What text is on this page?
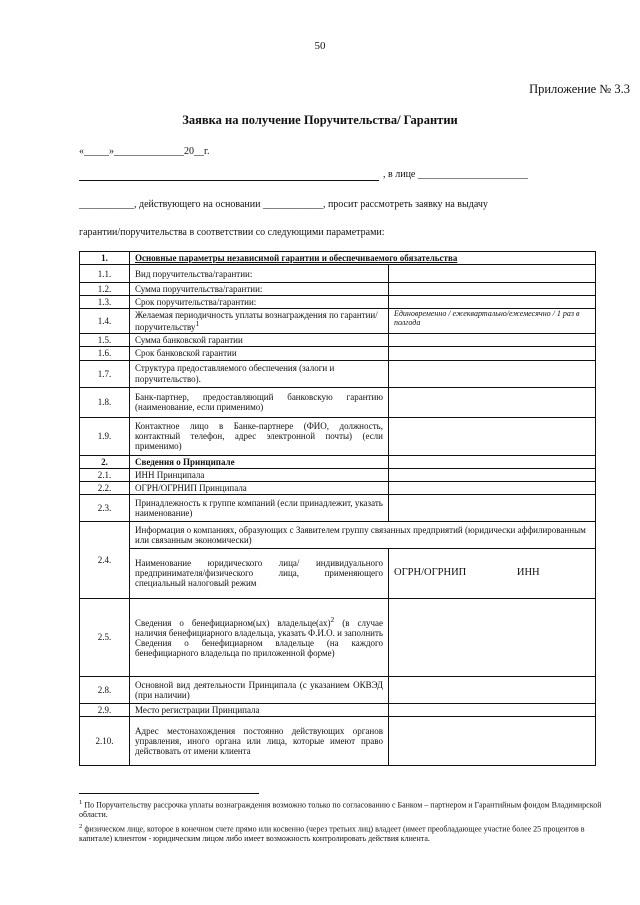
50
Приложение № 3.3
Заявка на получение Поручительства/ Гарантии
«_____»______________20__г.
, в лице ______________________
___________, действующего на основании ____________, просит рассмотреть заявку на выдачу
гарантии/поручительства в соответствии со следующими параметрами:
1.	Основные параметры независимой гарантии и обеспечиваемого обязательства	
1.1.	Вид поручительства/гарантии:	
1.2.	Сумма поручительства/гарантии:	
1.3.	Срок поручительства/гарантии:	
1.4.	Желаемая периодичность уплаты вознаграждения по гарантии/поручительству$^1$	Единовременно / ежеквартально/ежемесячно / 1 раз в полгода
1.5.	Сумма банковской гарантии	
1.6.	Срок банковской гарантии	
1.7.	Структура предоставляемого обеспечения (залоги и поручительство).	
1.8.	Банк-партнер, предоставляющий банковскую гарантию (наименование, если применимо)	
1.9.	Контактное лицо в Банке-партнере (ФИО, должность, контактный телефон, адрес электронной почты) (если применимо)	
2.	Сведения о Принципале	
2.1.	ИНН Принципала	
2.2.	ОГРН/ОГРНИП Принципала	
2.3.	Принадлежность к группе компаний (если принадлежит, указать наименование)	
2.4.	Информация о компаниях, образующих с Заявителем группу связанных предприятий (юридически аффилированным или связанным экономически)	
	Наименование юридического лица/ индивидуального предпринимателя/физического лица, применяющего специальный налоговый режим	ОГРН/ОГРНИП ИНН
2.5.	Сведения о бенефициарном(ых) владельце(ах)$^2$ (в случае наличия бенефициарного владельца, указать Ф.И.О. и заполнить Сведения о бенефициарном владельце (на каждого бенефициарного владельца по приложенной форме)	
2.8.	Основной вид деятельности Принципала (с указанием ОКВЭД (при наличии)	
2.9.	Место регистрации Принципала	
2.10.	Адрес местонахождения постоянно действующих органов управления, иного органа или лица, которые имеют право действовать от имени клиента	
$^1$ По Поручительству рассрочка уплаты вознаграждения возможно только по согласованию с Банком – партнером и Гарантийным фондом Владимирской области.
$^2$ физическом лице, которое в конечном счете прямо или косвенно (через третьих лиц) владеет (имеет преобладающее участие более 25 процентов в капитале) клиентом - юридическим лицом либо имеет возможность контролировать действия клиента.
